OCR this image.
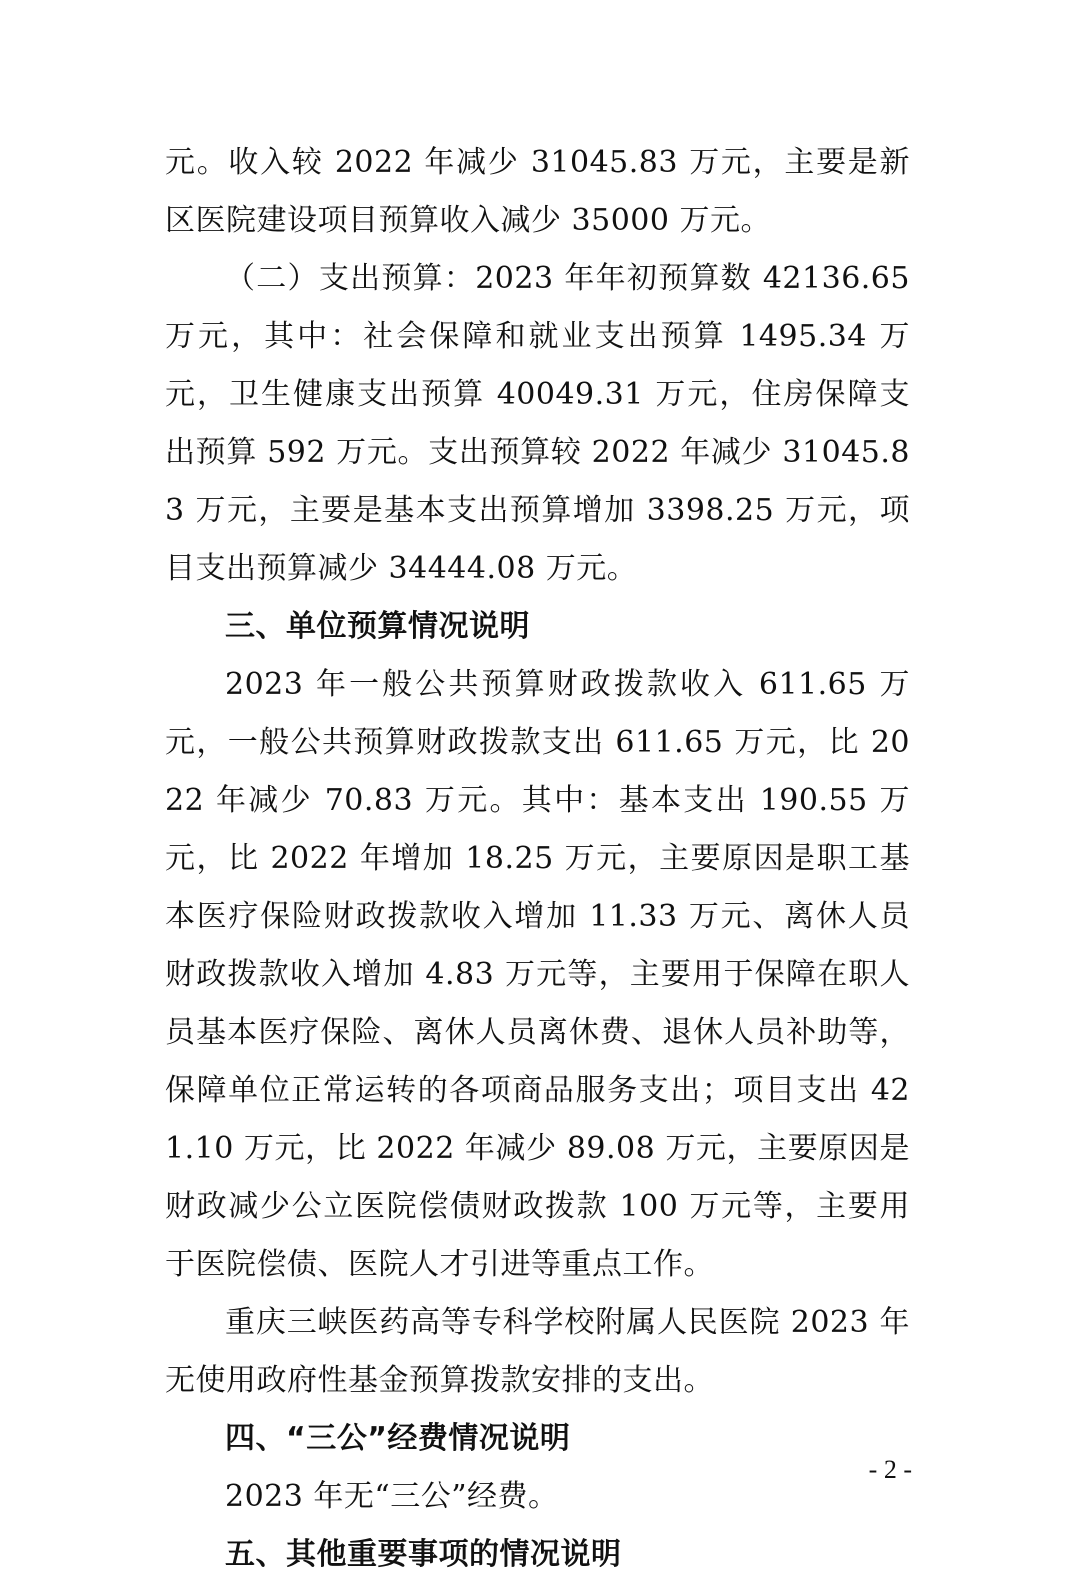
元。收入较 2022 年减少 31045.83 万元，主要是新区医院建设项目预算收入减少 35000 万元。

（二）支出预算：2023 年年初预算数 42136.65 万元，其中：社会保障和就业支出预算 1495.34 万元，卫生健康支出预算 40049.31 万元，住房保障支出预算 592 万元。支出预算较 2022 年减少 31045.83 万元，主要是基本支出预算增加 3398.25 万元，项目支出预算减少 34444.08 万元。

三、单位预算情况说明

2023 年一般公共预算财政拨款收入 611.65 万元，一般公共预算财政拨款支出 611.65 万元，比 2022 年减少 70.83 万元。其中：基本支出 190.55 万元，比 2022 年增加 18.25 万元，主要原因是职工基本医疗保险财政拨款收入增加 11.33 万元、离休人员财政拨款收入增加 4.83 万元等，主要用于保障在职人员基本医疗保险、离休人员离休费、退休人员补助等，保障单位正常运转的各项商品服务支出；项目支出 421.10 万元，比 2022 年减少 89.08 万元，主要原因是财政减少公立医院偿债财政拨款 100 万元等，主要用于医院偿债、医院人才引进等重点工作。

重庆三峡医药高等专科学校附属人民医院 2023 年无使用政府性基金预算拨款安排的支出。

四、“三公”经费情况说明

2023 年无“三公”经费。

五、其他重要事项的情况说明

- 2 -
